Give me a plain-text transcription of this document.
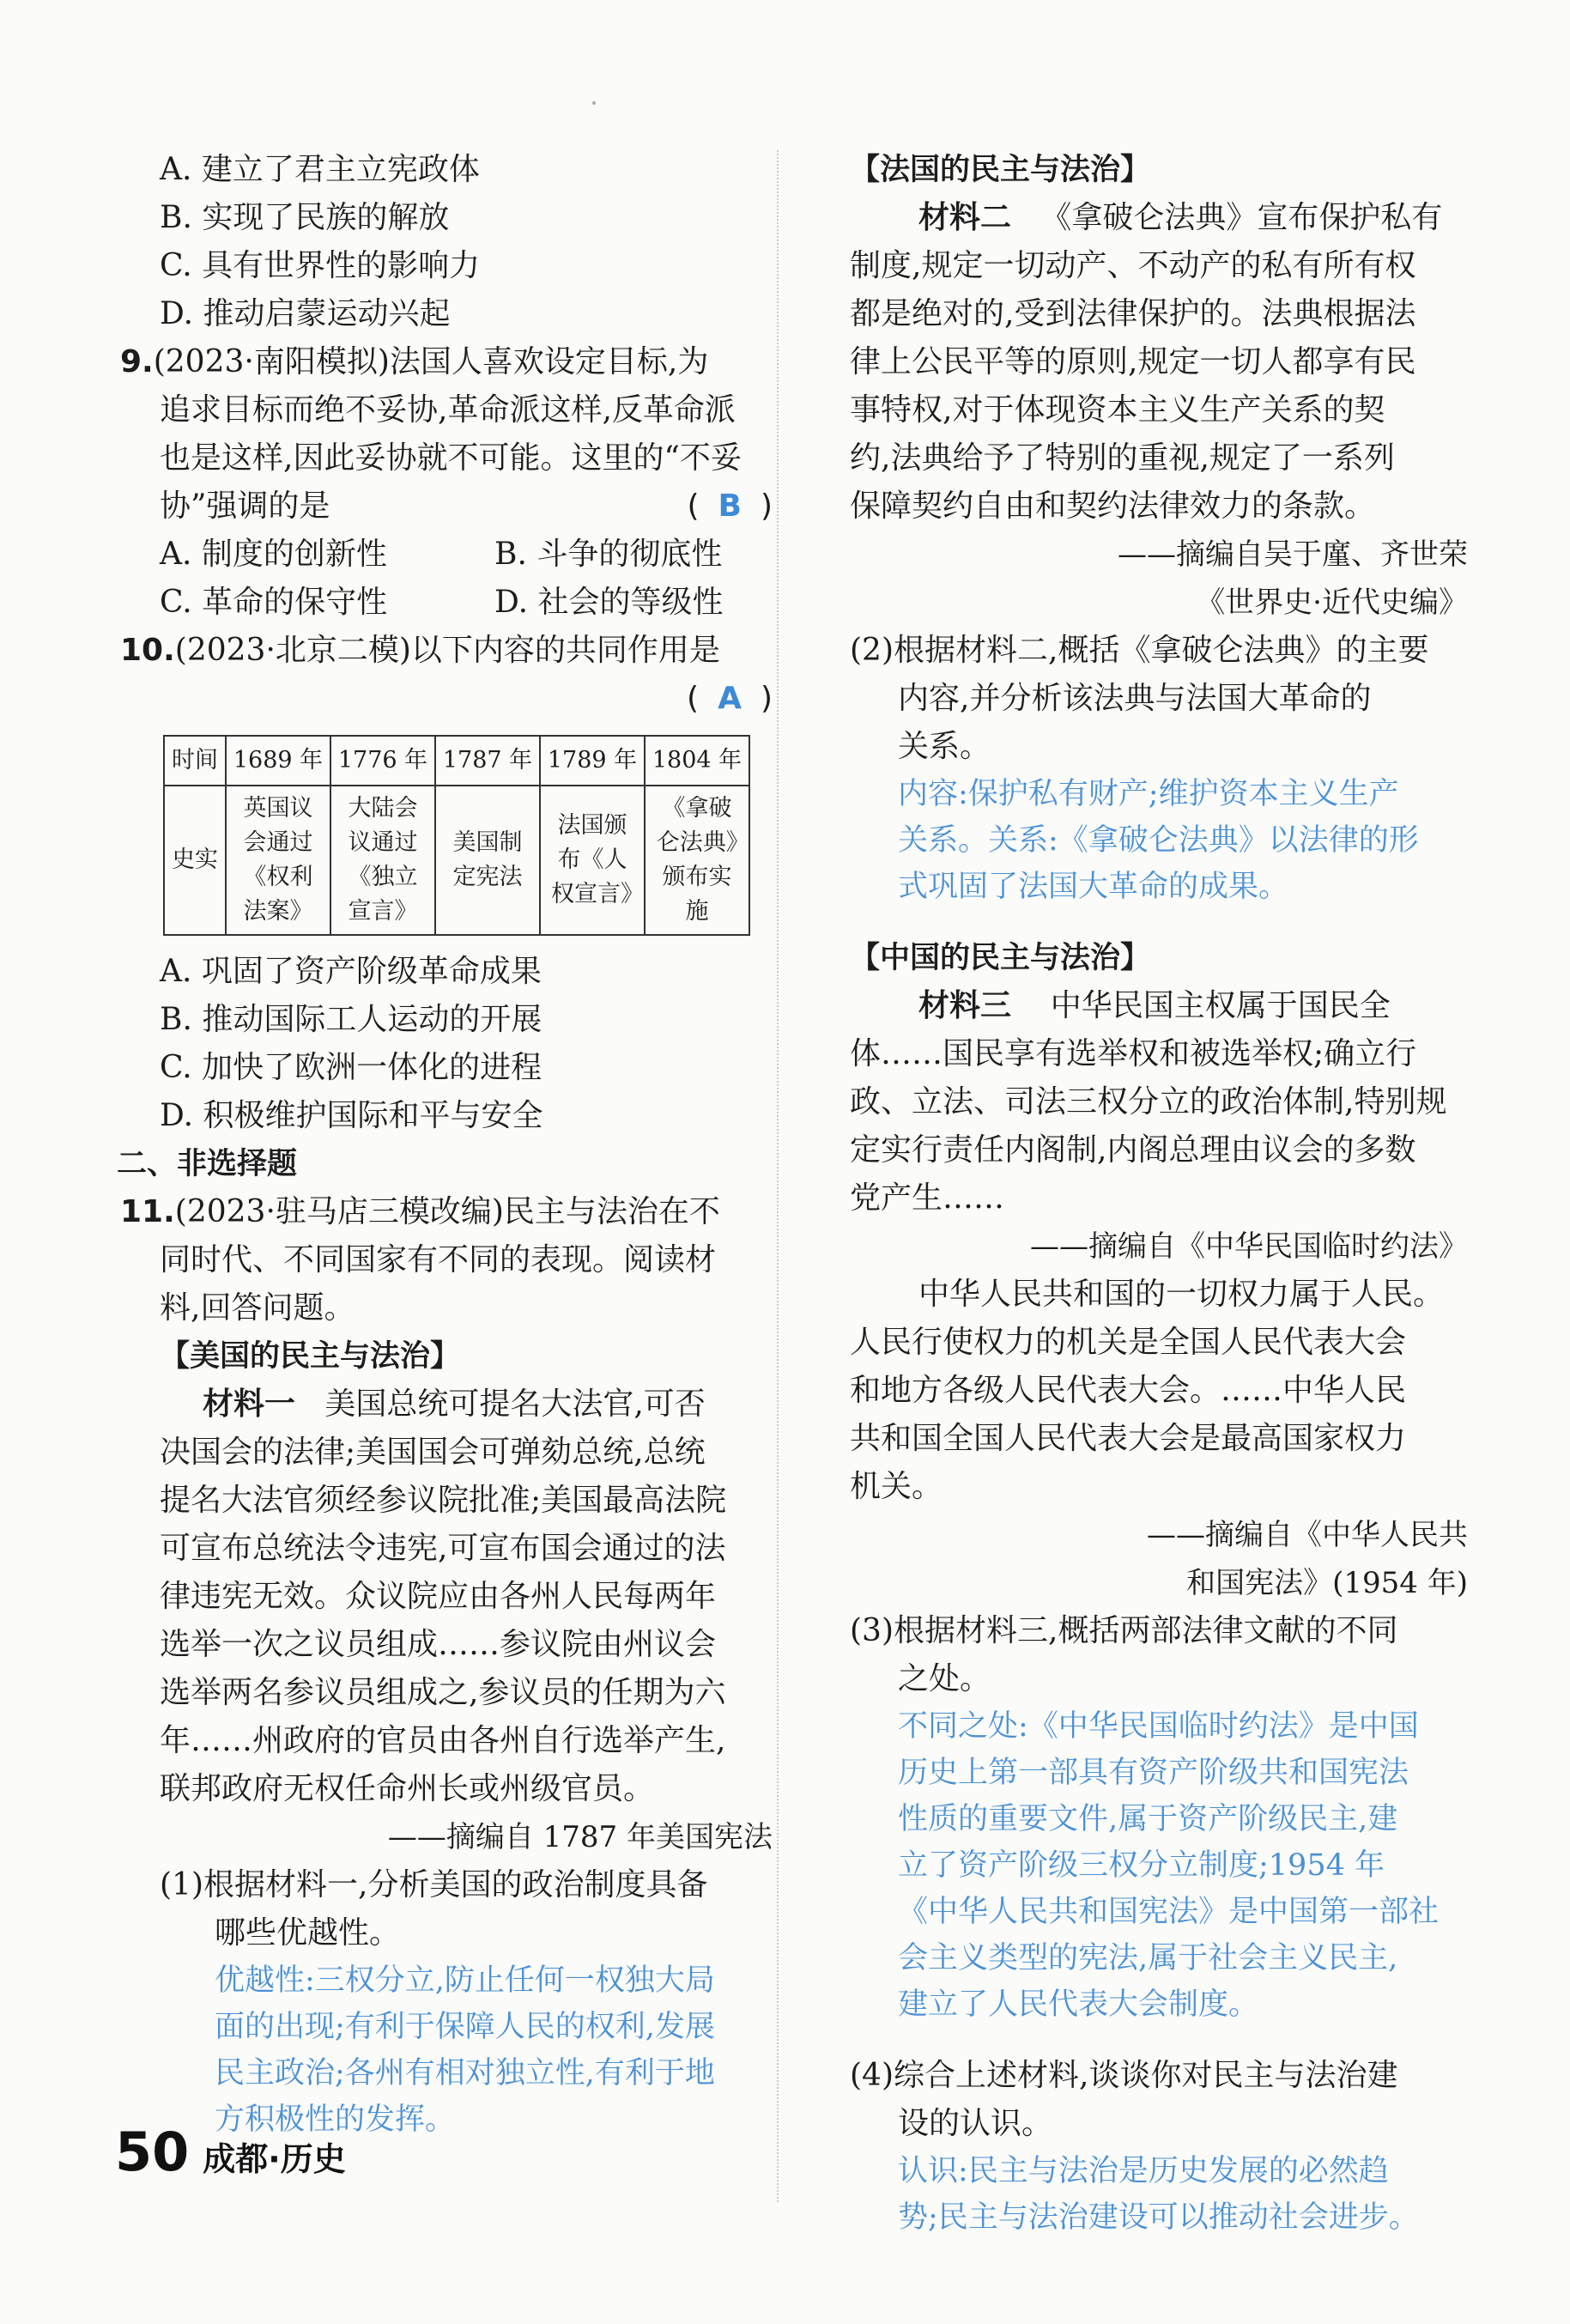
A. 建立了君主立宪政体
B. 实现了民族的解放
C. 具有世界性的影响力
D. 推动启蒙运动兴起
9.(2023·南阳模拟)法国人喜欢设定目标,为
追求目标而绝不妥协,革命派这样,反革命派
也是这样,因此妥协就不可能。这里的“不妥
协”强调的是	( B )
A. 制度的创新性	B. 斗争的彻底性
C. 革命的保守性	D. 社会的等级性
10.(2023·北京二模)以下内容的共同作用是
( A )
时间	1689 年	1776 年	1787 年	1789 年	1804 年
史实	英国议会通过《权利法案》	大陆会议通过《独立宣言》	美国制定宪法	法国颁布《人权宣言》	《拿破仑法典》颁布实施
A. 巩固了资产阶级革命成果
B. 推动国际工人运动的开展
C. 加快了欧洲一体化的进程
D. 积极维护国际和平与安全
二、非选择题
11.(2023·驻马店三模改编)民主与法治在不
同时代、不同国家有不同的表现。阅读材
料,回答问题。
【美国的民主与法治】
材料一 美国总统可提名大法官,可否
决国会的法律;美国国会可弹劾总统,总统
提名大法官须经参议院批准;美国最高法院
可宣布总统法令违宪,可宣布国会通过的法
律违宪无效。众议院应由各州人民每两年
选举一次之议员组成……参议院由州议会
选举两名参议员组成之,参议员的任期为六
年……州政府的官员由各州自行选举产生,
联邦政府无权任命州长或州级官员。
——摘编自 1787 年美国宪法
(1)根据材料一,分析美国的政治制度具备
哪些优越性。
优越性:三权分立,防止任何一权独大局
面的出现;有利于保障人民的权利,发展
民主政治;各州有相对独立性,有利于地
方积极性的发挥。
【法国的民主与法治】
材料二 《拿破仑法典》宣布保护私有
制度,规定一切动产、不动产的私有所有权
都是绝对的,受到法律保护的。法典根据法
律上公民平等的原则,规定一切人都享有民
事特权,对于体现资本主义生产关系的契
约,法典给予了特别的重视,规定了一系列
保障契约自由和契约法律效力的条款。
——摘编自吴于廑、齐世荣
《世界史·近代史编》
(2)根据材料二,概括《拿破仑法典》的主要
内容,并分析该法典与法国大革命的
关系。
内容:保护私有财产;维护资本主义生产
关系。关系:《拿破仑法典》以法律的形
式巩固了法国大革命的成果。
【中国的民主与法治】
材料三 中华民国主权属于国民全
体……国民享有选举权和被选举权;确立行
政、立法、司法三权分立的政治体制,特别规
定实行责任内阁制,内阁总理由议会的多数
党产生……
——摘编自《中华民国临时约法》
中华人民共和国的一切权力属于人民。
人民行使权力的机关是全国人民代表大会
和地方各级人民代表大会。……中华人民
共和国全国人民代表大会是最高国家权力
机关。
——摘编自《中华人民共
和国宪法》(1954 年)
(3)根据材料三,概括两部法律文献的不同
之处。
不同之处:《中华民国临时约法》是中国
历史上第一部具有资产阶级共和国宪法
性质的重要文件,属于资产阶级民主,建
立了资产阶级三权分立制度;1954 年
《中华人民共和国宪法》是中国第一部社
会主义类型的宪法,属于社会主义民主,
建立了人民代表大会制度。
(4)综合上述材料,谈谈你对民主与法治建
设的认识。
认识:民主与法治是历史发展的必然趋
势;民主与法治建设可以推动社会进步。
50 成都·历史
